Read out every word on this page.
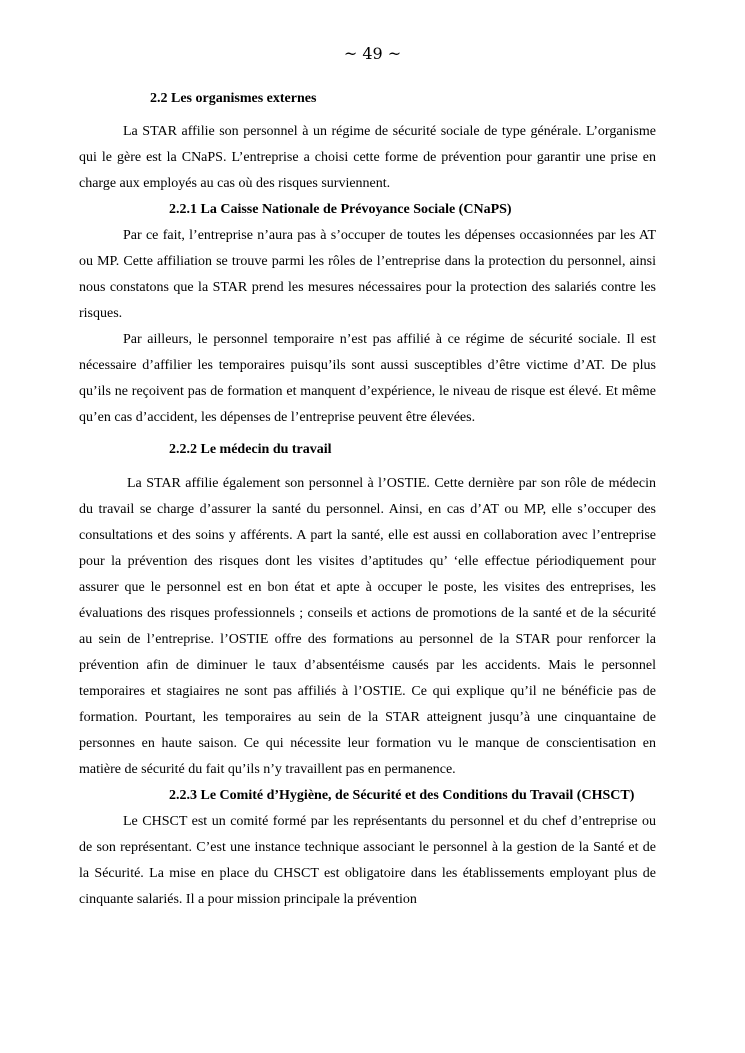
~ 49 ~
2.2 Les organismes externes

La STAR affilie son personnel à un régime de sécurité sociale de type générale. L’organisme qui le gère est la CNaPS. L’entreprise a choisi cette forme de prévention pour garantir une prise en charge aux employés au cas où des risques surviennent.

2.2.1 La Caisse Nationale de Prévoyance Sociale (CNaPS)

Par ce fait, l’entreprise n’aura pas à s’occuper de toutes les dépenses occasionnées par les AT ou MP. Cette affiliation se trouve parmi les rôles de l’entreprise dans la protection du personnel, ainsi nous constatons que la STAR prend les mesures nécessaires pour la protection des salariés contre les risques.

Par ailleurs, le personnel temporaire n’est pas affilié à ce régime de sécurité sociale. Il est nécessaire d’affilier les temporaires puisqu’ils sont aussi susceptibles d’être victime d’AT. De plus qu’ils ne reçoivent pas de formation et manquent d’expérience, le niveau de risque est élevé. Et même qu’en cas d’accident, les dépenses de l’entreprise peuvent être élevées.

2.2.2 Le médecin du travail

La STAR affilie également son personnel à l’OSTIE. Cette dernière par son rôle de médecin du travail se charge d’assurer la santé du personnel. Ainsi, en cas d’AT ou MP, elle s’occuper des consultations et des soins y afférents. A part la santé, elle est aussi en collaboration avec l’entreprise pour la prévention des risques dont les visites d’aptitudes qu’ ‘elle effectue périodiquement pour assurer que le personnel est en bon état et apte à occuper le poste, les visites des entreprises, les évaluations des risques professionnels ; conseils et actions de promotions de la santé et de la sécurité au sein de l’entreprise. l’OSTIE offre des formations au personnel de la STAR pour renforcer la prévention afin de diminuer le taux d’absentéisme causés par les accidents. Mais le personnel temporaires et stagiaires ne sont pas affiliés à l’OSTIE. Ce qui explique qu’il ne bénéficie pas de formation. Pourtant, les temporaires au sein de la STAR atteignent jusqu’à une cinquantaine de personnes en haute saison. Ce qui nécessite leur formation vu le manque de conscientisation en matière de sécurité du fait qu’ils n’y travaillent pas en permanence.

2.2.3 Le Comité d’Hygiène, de Sécurité et des Conditions du Travail (CHSCT)

Le CHSCT est un comité formé par les représentants du personnel et du chef d’entreprise ou de son représentant. C’est une instance technique associant le personnel à la gestion de la Santé et de la Sécurité. La mise en place du CHSCT est obligatoire dans les établissements employant plus de cinquante salariés. Il a pour mission principale la prévention
